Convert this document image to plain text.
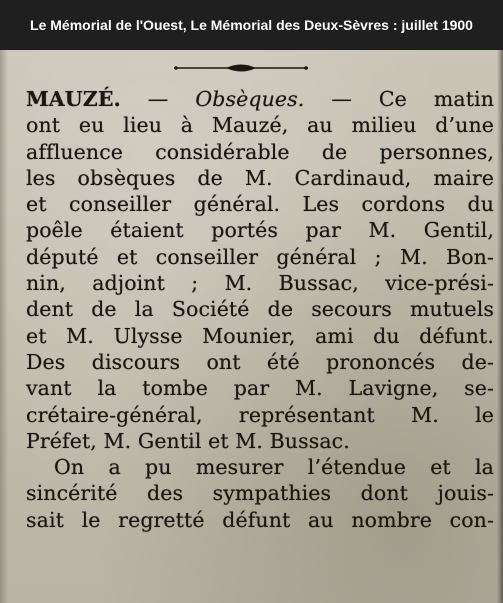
Le Mémorial de l'Ouest, Le Mémorial des Deux-Sèvres : juillet 1900
MAUZÉ. — Obsèques. — Ce matin
ont eu lieu à Mauzé, au milieu d’une
affluence considérable de personnes,
les obsèques de M. Cardinaud, maire
et conseiller général. Les cordons du
poêle étaient portés par M. Gentil,
député et conseiller général ; M. Bon-
nin, adjoint ; M. Bussac, vice-prési-
dent de la Société de secours mutuels
et M. Ulysse Mounier, ami du défunt.
Des discours ont été prononcés de-
vant la tombe par M. Lavigne, se-
crétaire-général, représentant M. le
Préfet, M. Gentil et M. Bussac.
On a pu mesurer l’étendue et la
sincérité des sympathies dont jouis-
sait le regretté défunt au nombre con-
